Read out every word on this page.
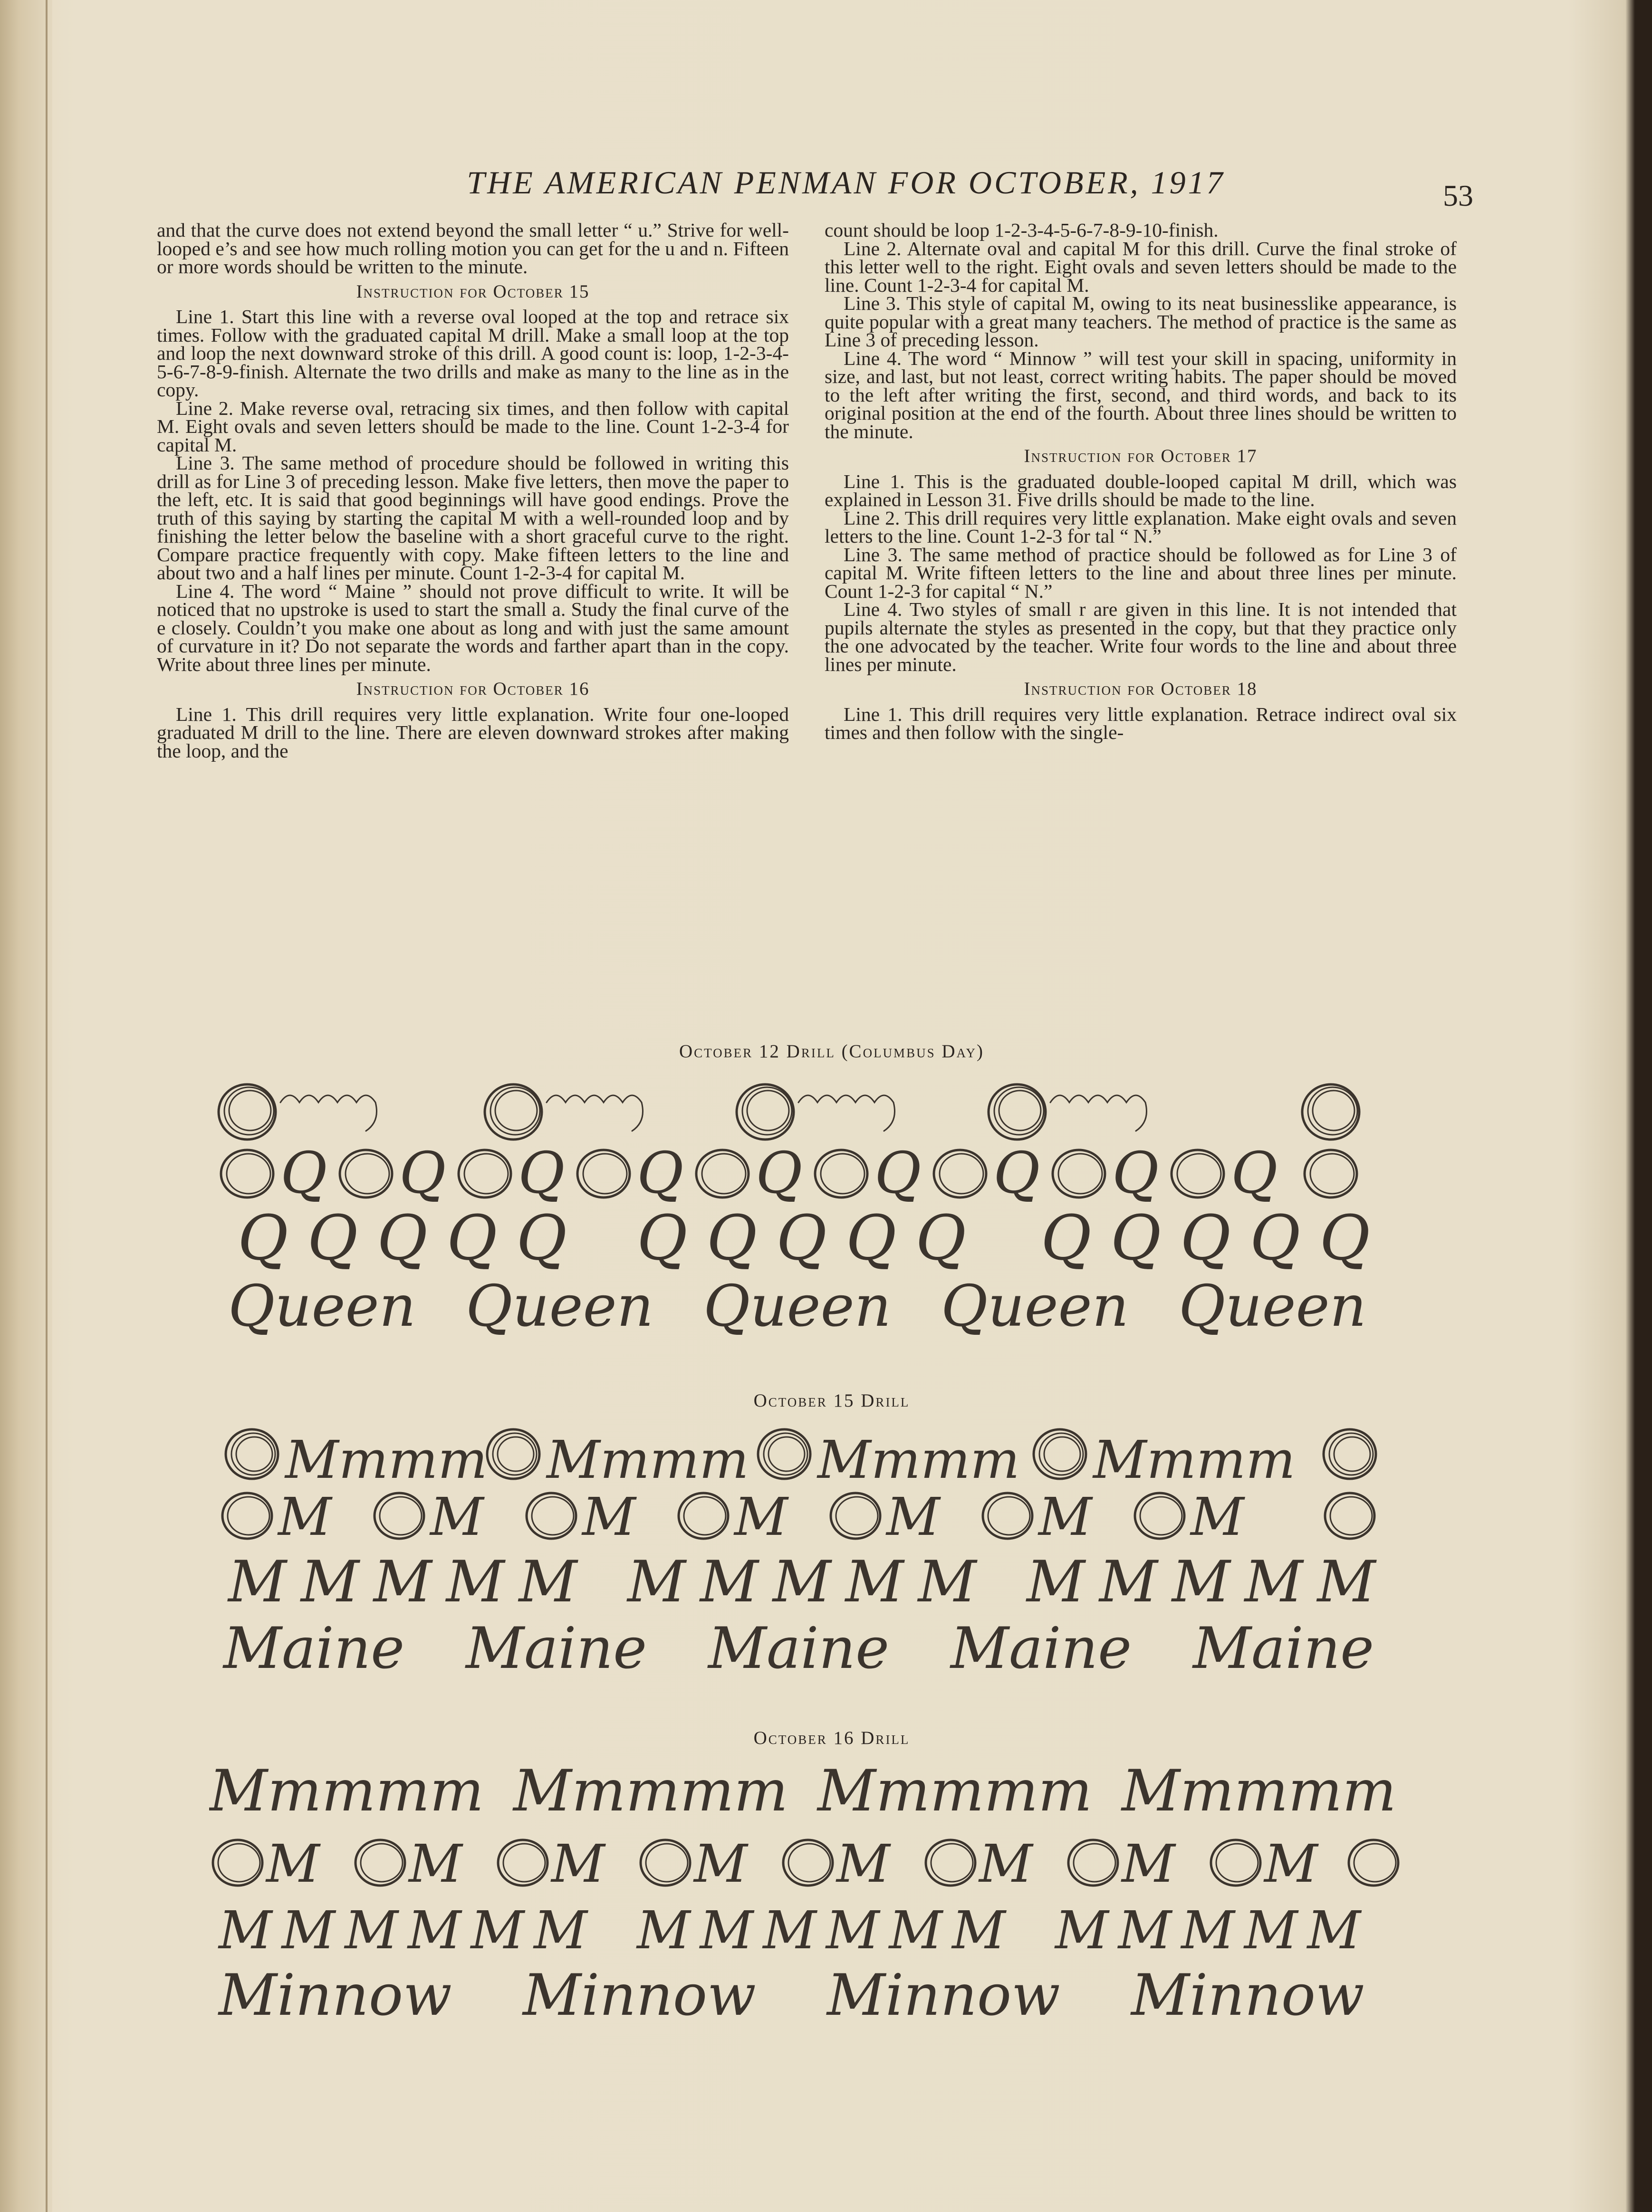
THE AMERICAN PENMAN FOR OCTOBER, 1917	53

and that the curve does not extend beyond the small letter “ u.” Strive for well-looped e’s and see how much rolling motion you can get for the u and n. Fifteen or more words should be written to the minute.

Instruction for October 15

Line 1. Start this line with a reverse oval looped at the top and retrace six times. Follow with the graduated capital M drill. Make a small loop at the top and loop the next downward stroke of this drill. A good count is: loop, 1-2-3-4-5-6-7-8-9-finish. Alternate the two drills and make as many to the line as in the copy.

Line 2. Make reverse oval, retracing six times, and then follow with capital M. Eight ovals and seven letters should be made to the line. Count 1-2-3-4 for capital M.

Line 3. The same method of procedure should be followed in writing this drill as for Line 3 of preceding lesson. Make five letters, then move the paper to the left, etc. It is said that good beginnings will have good endings. Prove the truth of this saying by starting the capital M with a well-rounded loop and by finishing the letter below the baseline with a short graceful curve to the right. Compare practice frequently with copy. Make fifteen letters to the line and about two and a half lines per minute. Count 1-2-3-4 for capital M.

Line 4. The word “ Maine ” should not prove difficult to write. It will be noticed that no upstroke is used to start the small a. Study the final curve of the e closely. Couldn’t you make one about as long and with just the same amount of curvature in it? Do not separate the words and farther apart than in the copy. Write about three lines per minute.

Instruction for October 16

Line 1. This drill requires very little explanation. Write four one-looped graduated M drill to the line. There are eleven downward strokes after making the loop, and the

count should be loop 1-2-3-4-5-6-7-8-9-10-finish.

Line 2. Alternate oval and capital M for this drill. Curve the final stroke of this letter well to the right. Eight ovals and seven letters should be made to the line. Count 1-2-3-4 for capital M.

Line 3. This style of capital M, owing to its neat businesslike appearance, is quite popular with a great many teachers. The method of practice is the same as Line 3 of preceding lesson.

Line 4. The word “ Minnow ” will test your skill in spacing, uniformity in size, and last, but not least, correct writing habits. The paper should be moved to the left after writing the first, second, and third words, and back to its original position at the end of the fourth. About three lines should be written to the minute.

Instruction for October 17

Line 1. This is the graduated double-looped capital M drill, which was explained in Lesson 31. Five drills should be made to the line.

Line 2. This drill requires very little explanation. Make eight ovals and seven letters to the line. Count 1-2-3 for tal “ N.”

Line 3. The same method of practice should be followed as for Line 3 of capital M. Write fifteen letters to the line and about three lines per minute. Count 1-2-3 for capital “ N.”

Line 4. Two styles of small r are given in this line. It is not intended that pupils alternate the styles as presented in the copy, but that they practice only the one advocated by the teacher. Write four words to the line and about three lines per minute.

Instruction for October 18

Line 1. This drill requires very little explanation. Retrace indirect oval six times and then follow with the single-

October 12 Drill (Columbus Day)
Q Q Q Q Q Q Q Q Q
QQQQQ QQQQQ QQQQQ
Queen Queen Queen Queen Queen
October 15 Drill
Mmmm Mmmm Mmmm Mmmm
M M M M M M M
MMMMM MMMMM MMMMM
Maine Maine Maine Maine Maine
October 16 Drill
Mmmmm Mmmmm Mmmmm Mmmmm
M M M M M M M M
MMMMMM MMMMMM MMMMM
Minnow Minnow Minnow Minnow
